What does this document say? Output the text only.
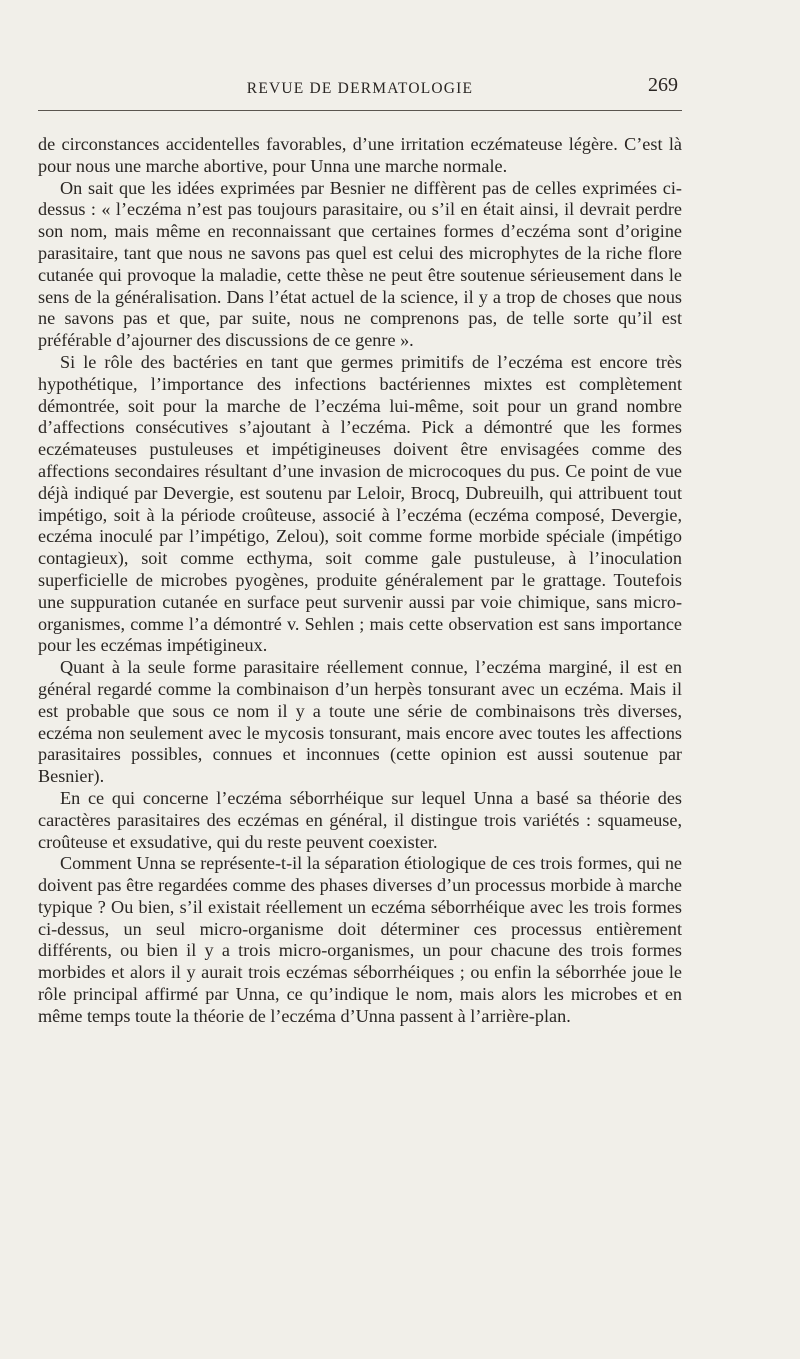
REVUE DE DERMATOLOGIE	269

de circonstances accidentelles favorables, d’une irritation eczémateuse légère. C’est là pour nous une marche abortive, pour Unna une marche normale.

On sait que les idées exprimées par Besnier ne diffèrent pas de celles exprimées ci-dessus : « l’eczéma n’est pas toujours parasitaire, ou s’il en était ainsi, il devrait perdre son nom, mais même en reconnaissant que certaines formes d’eczéma sont d’origine parasitaire, tant que nous ne savons pas quel est celui des microphytes de la riche flore cutanée qui provoque la maladie, cette thèse ne peut être soutenue sérieusement dans le sens de la généralisation. Dans l’état actuel de la science, il y a trop de choses que nous ne savons pas et que, par suite, nous ne comprenons pas, de telle sorte qu’il est préférable d’ajourner des discussions de ce genre ».

Si le rôle des bactéries en tant que germes primitifs de l’eczéma est encore très hypothétique, l’importance des infections bactériennes mixtes est complètement démontrée, soit pour la marche de l’eczéma lui-même, soit pour un grand nombre d’affections consécutives s’ajoutant à l’eczéma. Pick a démontré que les formes eczémateuses pustuleuses et impétigineuses doivent être envisagées comme des affections secondaires résultant d’une invasion de microcoques du pus. Ce point de vue déjà indiqué par Devergie, est soutenu par Leloir, Brocq, Dubreuilh, qui attribuent tout impétigo, soit à la période croûteuse, associé à l’eczéma (eczéma composé, Devergie, eczéma inoculé par l’impétigo, Zelou), soit comme forme morbide spéciale (impétigo contagieux), soit comme ecthyma, soit comme gale pustuleuse, à l’inoculation superficielle de microbes pyogènes, produite généralement par le grattage. Toutefois une suppuration cutanée en surface peut survenir aussi par voie chimique, sans micro-organismes, comme l’a démontré v. Sehlen ; mais cette observation est sans importance pour les eczémas impétigineux.

Quant à la seule forme parasitaire réellement connue, l’eczéma marginé, il est en général regardé comme la combinaison d’un herpès tonsurant avec un eczéma. Mais il est probable que sous ce nom il y a toute une série de combinaisons très diverses, eczéma non seulement avec le mycosis tonsurant, mais encore avec toutes les affections parasitaires possibles, connues et inconnues (cette opinion est aussi soutenue par Besnier).

En ce qui concerne l’eczéma séborrhéique sur lequel Unna a basé sa théorie des caractères parasitaires des eczémas en général, il distingue trois variétés : squameuse, croûteuse et exsudative, qui du reste peuvent coexister.

Comment Unna se représente-t-il la séparation étiologique de ces trois formes, qui ne doivent pas être regardées comme des phases diverses d’un processus morbide à marche typique ? Ou bien, s’il existait réellement un eczéma séborrhéique avec les trois formes ci-dessus, un seul micro-organisme doit déterminer ces processus entièrement différents, ou bien il y a trois micro-organismes, un pour chacune des trois formes morbides et alors il y aurait trois eczémas séborrhéiques ; ou enfin la séborrhée joue le rôle principal affirmé par Unna, ce qu’indique le nom, mais alors les microbes et en même temps toute la théorie de l’eczéma d’Unna passent à l’arrière-plan.
